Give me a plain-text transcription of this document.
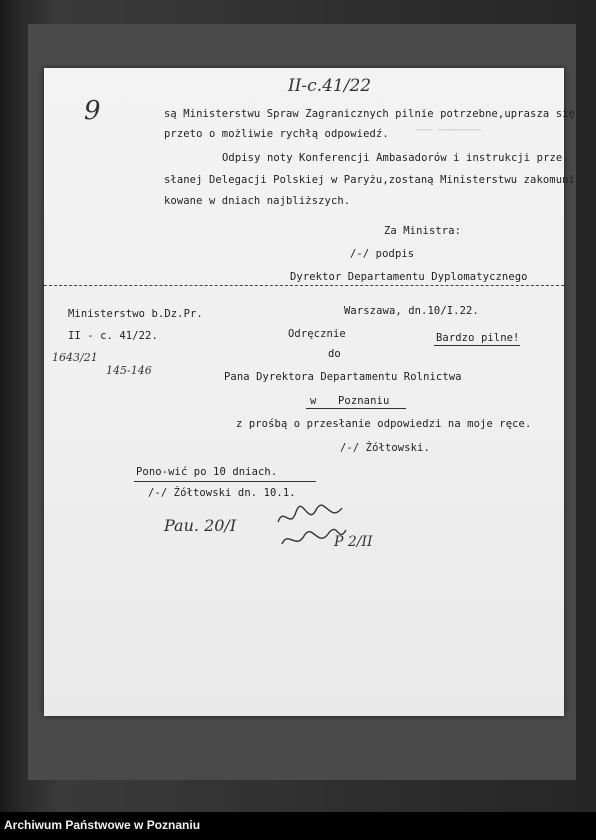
9
II-c.41/22
─── ────────
są Ministerstwu Spraw Zagranicznych pilnie potrzebne,uprasza się
przeto o możliwie rychłą odpowiedź.
Odpisy noty Konferencji Ambasadorów i instrukcji prze-
słanej Delegacji Polskiej w Paryżu,zostaną Ministerstwu zakomuni-
kowane w dniach najbliższych.
Za Ministra:
/-/ podpis
Dyrektor Departamentu Dyplomatycznego
Ministerstwo b.Dz.Pr.	Warszawa, dn.10/I.22.
II - c. 41/22.	Odręcznie	Bardzo pilne!
1643/21
145-146
do
Pana Dyrektora Departamentu Rolnictwa
w Poznaniu
z prośbą o przesłanie odpowiedzi na moje ręce.
/-/ Żółtowski.
Pono-wić po 10 dniach.
/-/ Żółtowski dn. 10.1.
Pau. 20/I
P 2/II
Archiwum Państwowe w Poznaniu
